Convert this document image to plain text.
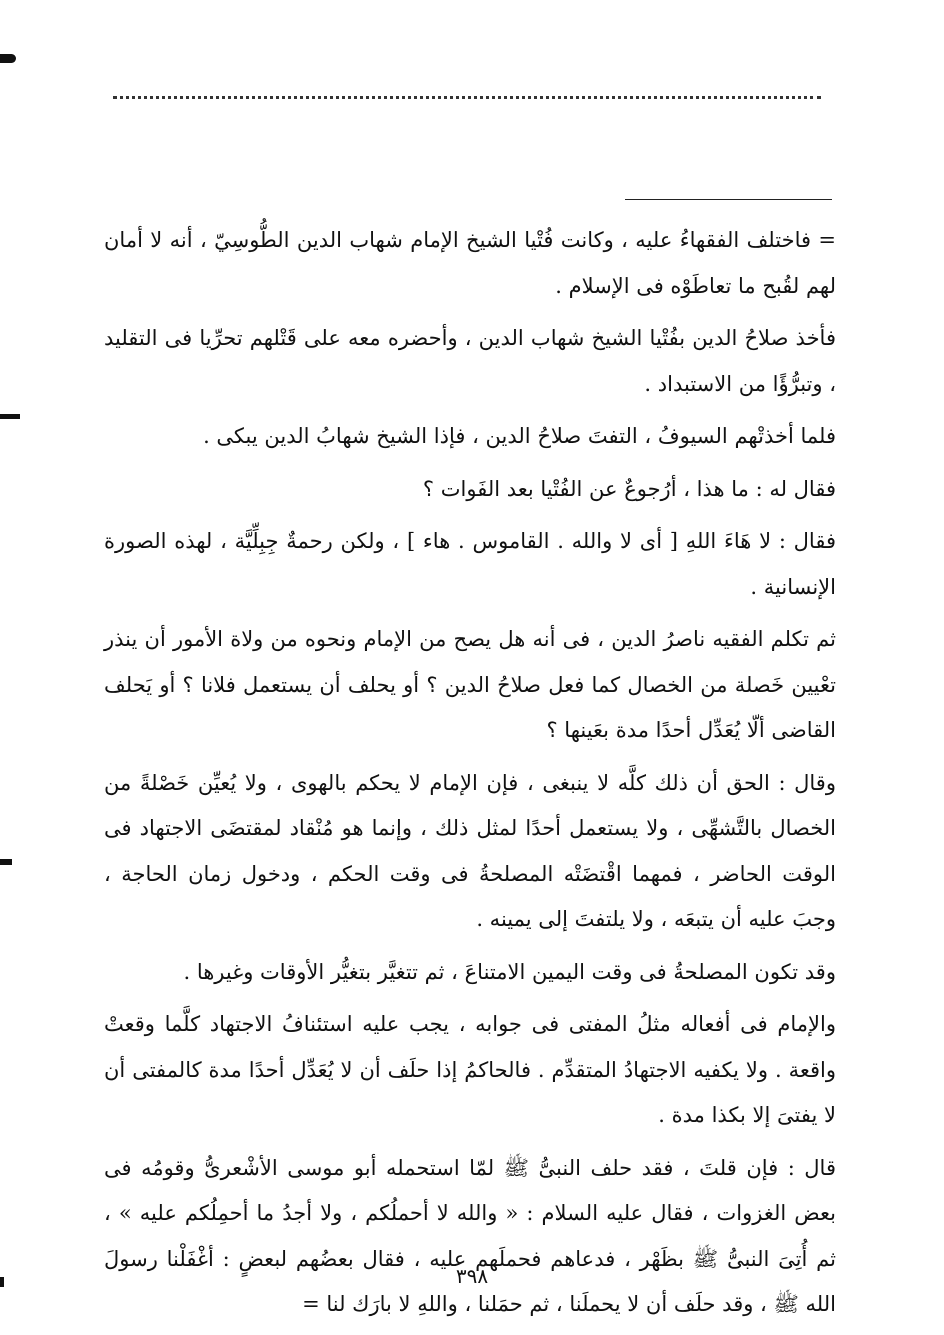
= فاختلف الفقهاءُ عليه ، وكانت فُتْيا الشيخ الإمام شهاب الدين الطُّوسِيّ ، أنه لا أمان لهم لقُبح ما تعاطَوْه فى الإسلام .

فأخذ صلاحُ الدين بفُتْيا الشيخ شهاب الدين ، وأحضره معه على قَتْلهم تحرِّيا فى التقليد ، وتبرُّؤًا من الاستبداد .

فلما أخذتْهم السيوفُ ، التفتَ صلاحُ الدين ، فإذا الشيخ شهابُ الدين يبكى .

فقال له : ما هذا ، أرُجوعٌ عن الفُتْيا بعد الفَوات ؟

فقال : لا هَاءَ اللهِ [ أى لا والله . القاموس . هاء ] ، ولكن رحمةٌ جِبِلِّيَّة ، لهذه الصورة الإنسانية .

ثم تكلم الفقيه ناصرُ الدين ، فى أنه هل يصح من الإمام ونحوه من ولاة الأمور أن ينذر تعْيين خَصلة من الخصال كما فعل صلاحُ الدين ؟ أو يحلف أن يستعمل فلانا ؟ أو يَحلف القاضى ألّا يُعَدِّل أحدًا مدة بعَينها ؟

وقال : الحق أن ذلك كلَّه لا ينبغى ، فإن الإمام لا يحكم بالهوى ، ولا يُعيِّن خَصْلةً من الخصال بالتَّشهِّى ، ولا يستعمل أحدًا لمثل ذلك ، وإنما هو مُنْقاد لمقتضَى الاجتهاد فى الوقت الحاضر ، فمهما اقْتضَتْه المصلحةُ فى وقت الحكم ، ودخول زمان الحاجة ، وجبَ عليه أن يتبعَه ، ولا يلتفتَ إلى يمينه .

وقد تكون المصلحةُ فى وقت اليمين الامتناعَ ، ثم تتغيَّر بتغيُّر الأوقات وغيرها .

والإمام فى أفعاله مثلُ المفتى فى جوابه ، يجب عليه استئنافُ الاجتهاد كلَّما وقعتْ واقعة . ولا يكفيه الاجتهادُ المتقدِّم . فالحاكمُ إذا حلَف أن لا يُعَدِّل أحدًا مدة كالمفتى أن لا يفتىَ إلا بكذا مدة .

قال : فإن قلتَ ، فقد حلف النبىُّ ﷺ لمّا استحمله أبو موسى الأشْعرىُّ وقومُه فى بعض الغزوات ، فقال عليه السلام : « والله لا أحملُكم ، ولا أجدُ ما أحمِلُكم عليه » ، ثم أُتِىَ النبىُّ ﷺ بظَهْر ، فدعاهم فحملَهم عليه ، فقال بعضُهم لبعضٍ : أغْفَلْنا رسولَ الله ﷺ ، وقد حلَف أن لا يحملَنا ، ثم حمَلنا ، واللهِ لا بارَك لنا =

٣٩٨
